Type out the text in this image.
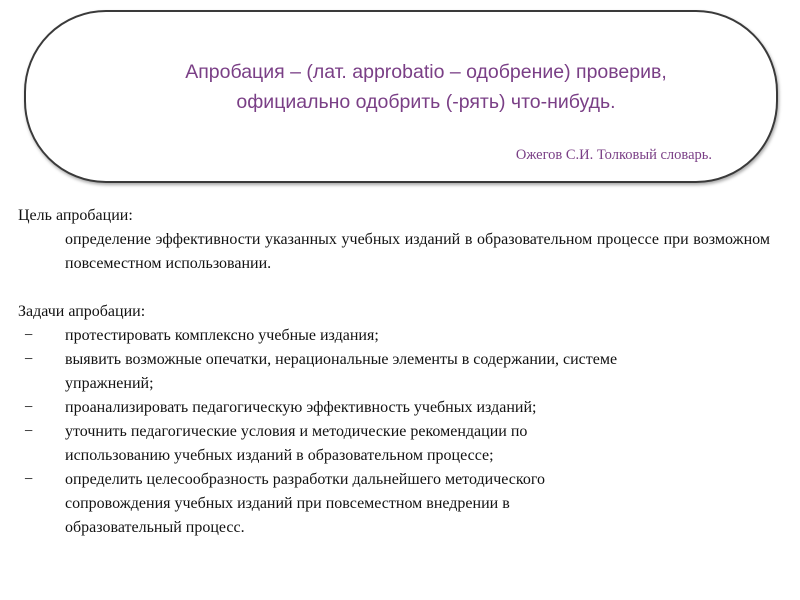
Апробация – (лат. approbatio – одобрение) проверив,
официально одобрить (-рять) что-нибудь.
Ожегов С.И. Толковый словарь.

Цель апробации:

определение эффективности указанных учебных изданий в образовательном процессе при возможном повсеместном использовании.

Задачи апробации:

− протестировать комплексно учебные издания;
− выявить возможные опечатки, нерациональные элементы в содержании, системе
упражнений;
− проанализировать педагогическую эффективность учебных изданий;
− уточнить педагогические условия и методические рекомендации по
использованию учебных изданий в образовательном процессе;
− определить целесообразность разработки дальнейшего методического
сопровождения учебных изданий при повсеместном внедрении в
образовательный процесс.
